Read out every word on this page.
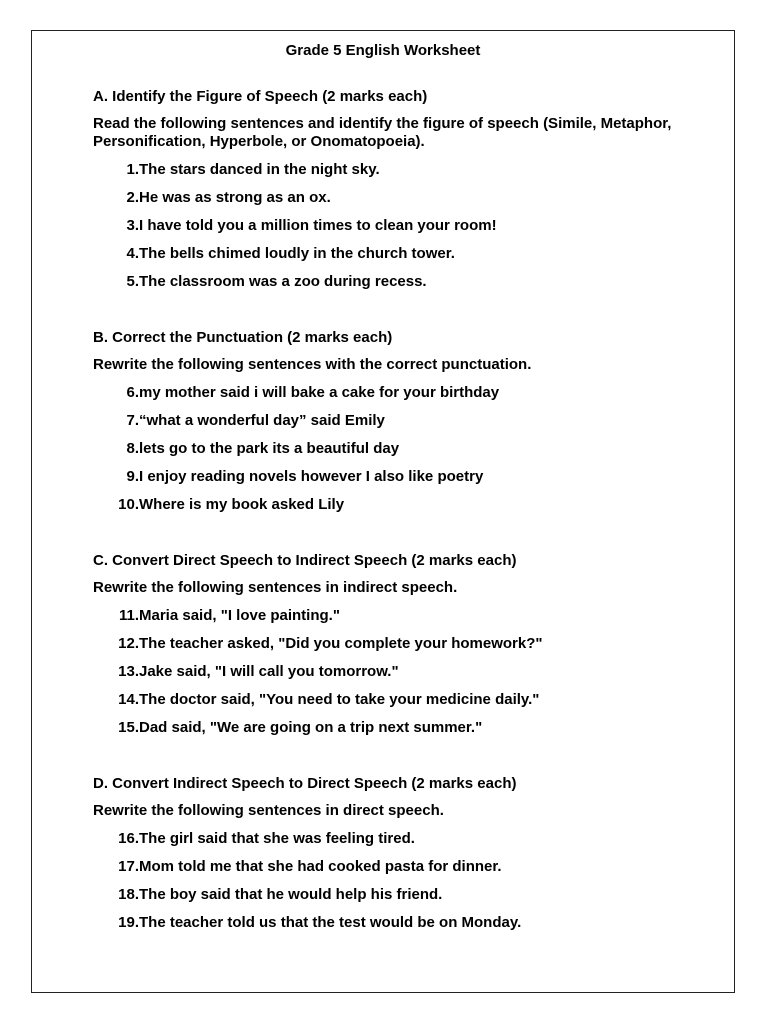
Grade 5 English Worksheet
A. Identify the Figure of Speech (2 marks each)
Read the following sentences and identify the figure of speech (Simile, Metaphor, Personification, Hyperbole, or Onomatopoeia).
1. The stars danced in the night sky.
2. He was as strong as an ox.
3. I have told you a million times to clean your room!
4. The bells chimed loudly in the church tower.
5. The classroom was a zoo during recess.
B. Correct the Punctuation (2 marks each)
Rewrite the following sentences with the correct punctuation.
6. my mother said i will bake a cake for your birthday
7. “what a wonderful day” said Emily
8. lets go to the park its a beautiful day
9. I enjoy reading novels however I also like poetry
10. Where is my book asked Lily
C. Convert Direct Speech to Indirect Speech (2 marks each)
Rewrite the following sentences in indirect speech.
11. Maria said, "I love painting."
12. The teacher asked, "Did you complete your homework?"
13. Jake said, "I will call you tomorrow."
14. The doctor said, "You need to take your medicine daily."
15. Dad said, "We are going on a trip next summer."
D. Convert Indirect Speech to Direct Speech (2 marks each)
Rewrite the following sentences in direct speech.
16. The girl said that she was feeling tired.
17. Mom told me that she had cooked pasta for dinner.
18. The boy said that he would help his friend.
19. The teacher told us that the test would be on Monday.
